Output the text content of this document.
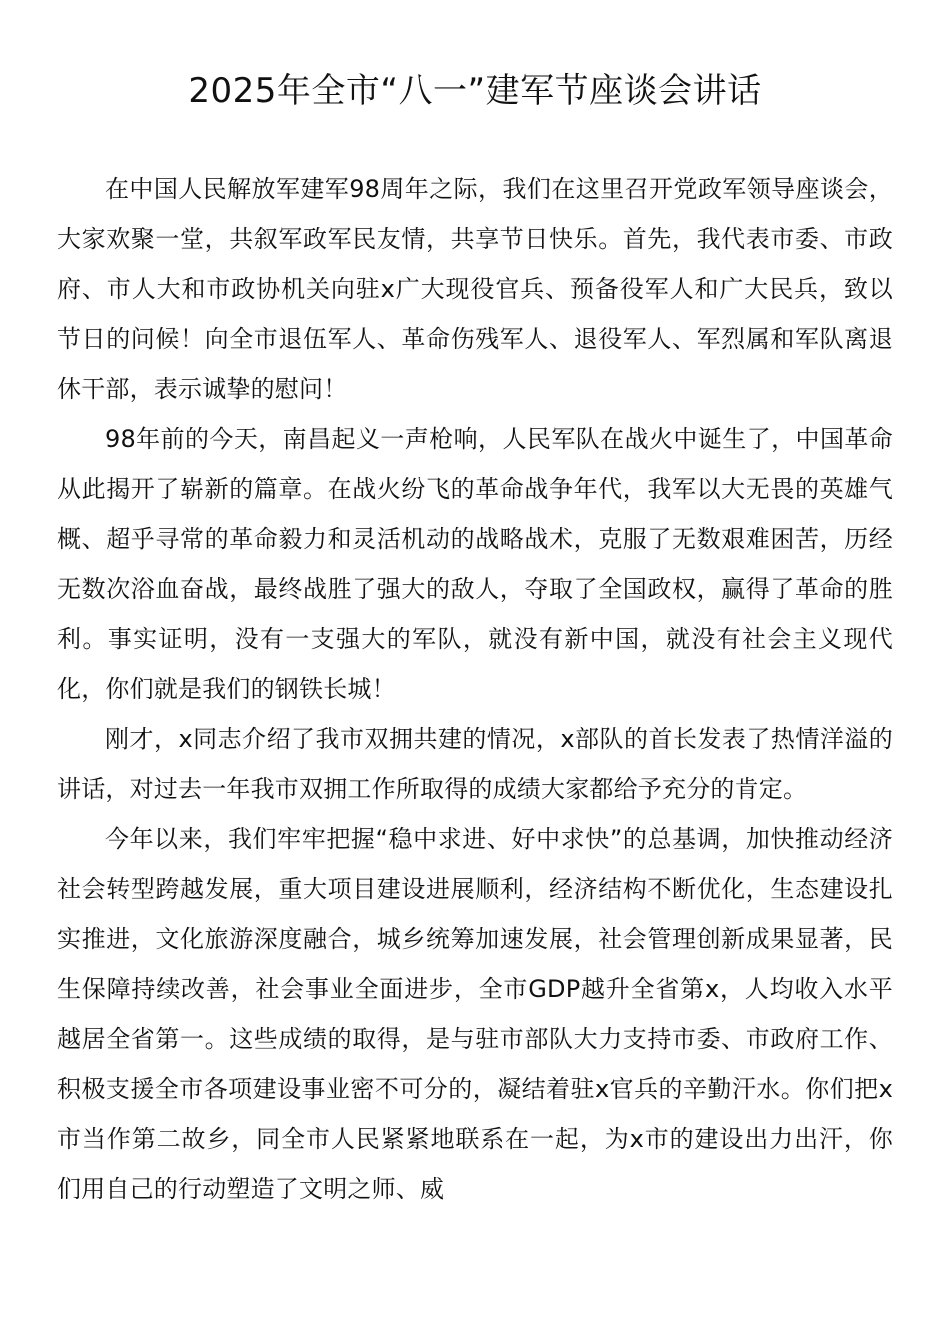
2025年全市“八一”建军节座谈会讲话

在中国人民解放军建军98周年之际，我们在这里召开党政军领导座谈会，大家欢聚一堂，共叙军政军民友情，共享节日快乐。首先，我代表市委、市政府、市人大和市政协机关向驻x广大现役官兵、预备役军人和广大民兵，致以节日的问候！向全市退伍军人、革命伤残军人、退役军人、军烈属和军队离退休干部，表示诚挚的慰问！

98年前的今天，南昌起义一声枪响，人民军队在战火中诞生了，中国革命从此揭开了崭新的篇章。在战火纷飞的革命战争年代，我军以大无畏的英雄气概、超乎寻常的革命毅力和灵活机动的战略战术，克服了无数艰难困苦，历经无数次浴血奋战，最终战胜了强大的敌人，夺取了全国政权，赢得了革命的胜利。事实证明，没有一支强大的军队，就没有新中国，就没有社会主义现代化，你们就是我们的钢铁长城！

刚才，x同志介绍了我市双拥共建的情况，x部队的首长发表了热情洋溢的讲话，对过去一年我市双拥工作所取得的成绩大家都给予充分的肯定。

今年以来，我们牢牢把握“稳中求进、好中求快”的总基调，加快推动经济社会转型跨越发展，重大项目建设进展顺利，经济结构不断优化，生态建设扎实推进，文化旅游深度融合，城乡统筹加速发展，社会管理创新成果显著，民生保障持续改善，社会事业全面进步，全市GDP越升全省第x，人均收入水平越居全省第一。这些成绩的取得，是与驻市部队大力支持市委、市政府工作、积极支援全市各项建设事业密不可分的，凝结着驻x官兵的辛勤汗水。你们把x市当作第二故乡，同全市人民紧紧地联系在一起，为x市的建设出力出汗，你们用自己的行动塑造了文明之师、威
